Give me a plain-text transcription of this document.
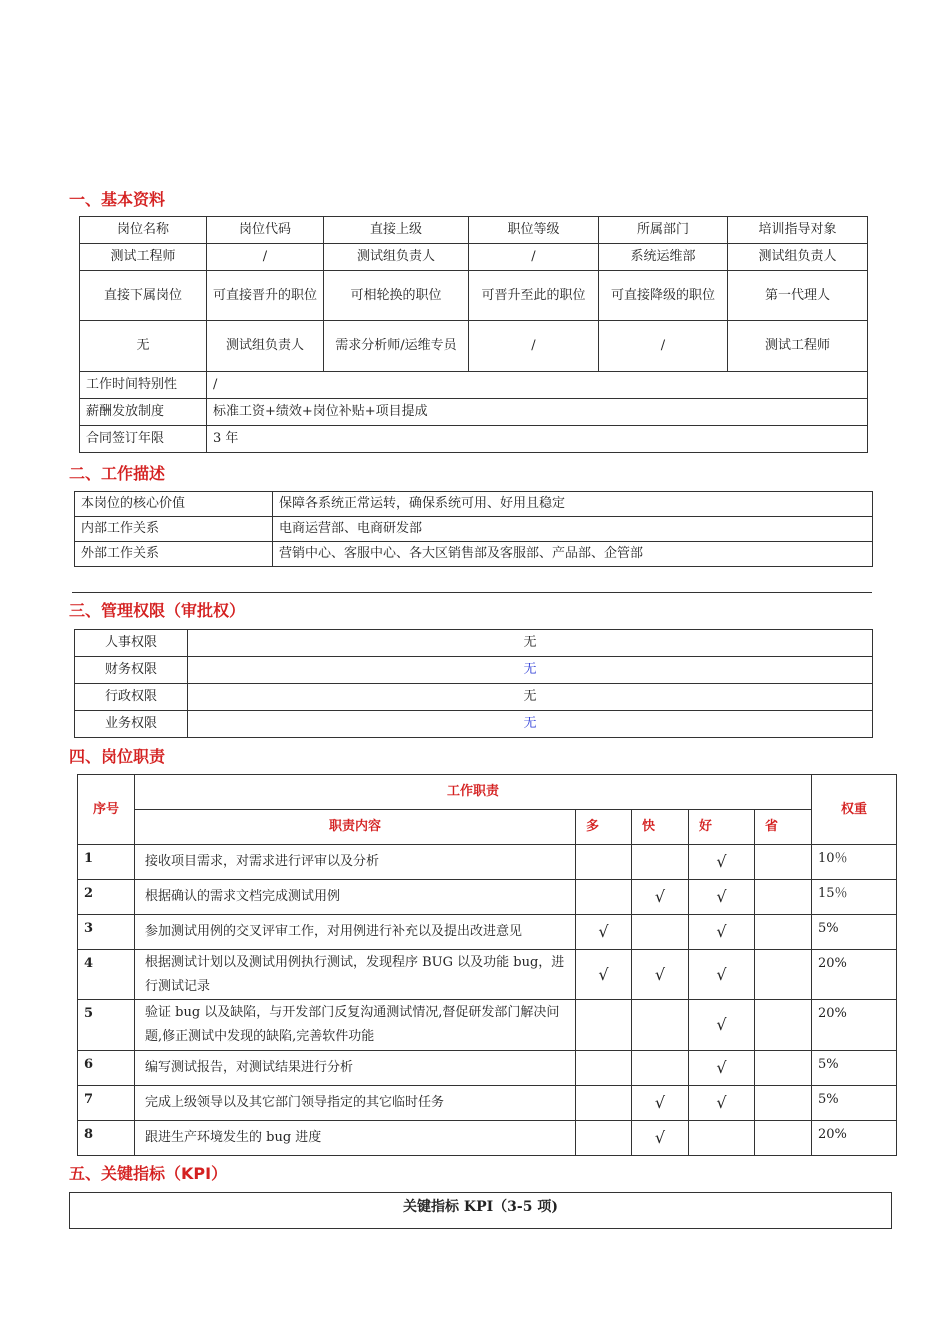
一、基本资料
岗位名称	岗位代码	直接上级	职位等级	所属部门	培训指导对象
测试工程师	/	测试组负责人	/	系统运维部	测试组负责人
直接下属岗位	可直接晋升的职位	可相轮换的职位	可晋升至此的职位	可直接降级的职位	第一代理人
无	测试组负责人	需求分析师/运维专员	/	/	测试工程师
工作时间特别性	/				
薪酬发放制度	标准工资+绩效+岗位补贴+项目提成				
合同签订年限	3 年				
二、工作描述
本岗位的核心价值	保障各系统正常运转，确保系统可用、好用且稳定
内部工作关系	电商运营部、电商研发部
外部工作关系	营销中心、客服中心、各大区销售部及客服部、产品部、企管部
三、管理权限（审批权）
人事权限	无
财务权限	无
行政权限	无
业务权限	无
四、岗位职责
序号	工作职责					权重
	职责内容	多	快	好	省	
1	接收项目需求，对需求进行评审以及分析			√		10％
2	根据确认的需求文档完成测试用例		√	√		15％
3	参加测试用例的交叉评审工作，对用例进行补充以及提出改进意见	√		√		5%
4	根据测试计划以及测试用例执行测试，发现程序 BUG 以及功能 bug，进行测试记录	√	√	√		20%
5	验证 bug 以及缺陷，与开发部门反复沟通测试情况,督促研发部门解决问题,修正测试中发现的缺陷,完善软件功能			√		20%
6	编写测试报告，对测试结果进行分析			√		5%
7	完成上级领导以及其它部门领导指定的其它临时任务		√	√		5%
8	跟进生产环境发生的 bug 进度		√			20%
五、关键指标（KPI）
关键指标 KPI（3-5 项)
